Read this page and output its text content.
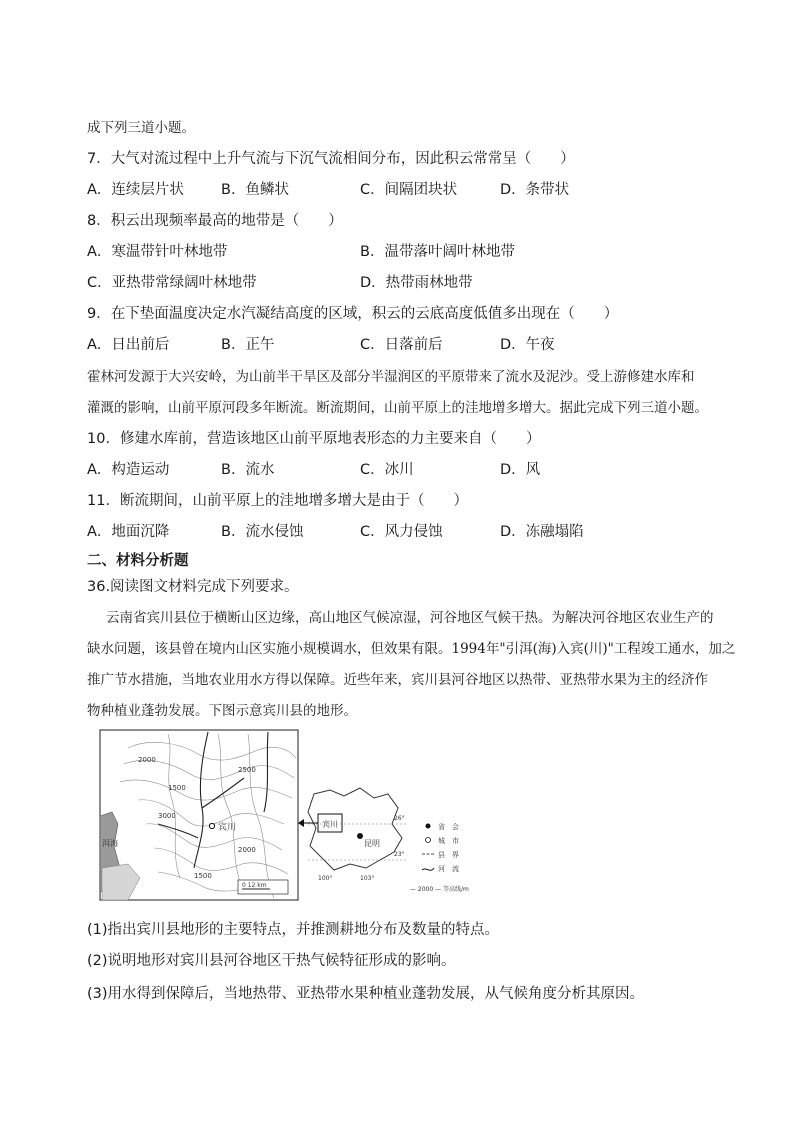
成下列三道小题。
7．大气对流过程中上升气流与下沉气流相间分布，因此积云常常呈（　　）
A．连续层片状	B．鱼鳞状	C．间隔团块状	D．条带状
8．积云出现频率最高的地带是（　　）
A．寒温带针叶林地带	B．温带落叶阔叶林地带
C．亚热带常绿阔叶林地带	D．热带雨林地带
9．在下垫面温度决定水汽凝结高度的区域，积云的云底高度低值多出现在（　　）
A．日出前后	B．正午	C．日落前后	D．午夜
霍林河发源于大兴安岭，为山前半干旱区及部分半湿润区的平原带来了流水及泥沙。受上游修建水库和
灌溉的影响，山前平原河段多年断流。断流期间，山前平原上的洼地增多增大。据此完成下列三道小题。
10．修建水库前，营造该地区山前平原地表形态的力主要来自（　　）
A．构造运动	B．流水	C．冰川	D．风
11．断流期间，山前平原上的洼地增多增大是由于（　　）
A．地面沉降	B．流水侵蚀	C．风力侵蚀	D．冻融塌陷
二、材料分析题
36.阅读图文材料完成下列要求。
云南省宾川县位于横断山区边缘，高山地区气候凉湿，河谷地区气候干热。为解决河谷地区农业生产的
缺水问题，该县曾在境内山区实施小规模调水，但效果有限。1994年"引洱(海)入宾(川)"工程竣工通水，加之
推广节水措施，当地农业用水方得以保障。近些年来，宾川县河谷地区以热带、亚热带水果为主的经济作
物种植业蓬勃发展。下图示意宾川县的地形。
宾川
洱海
2000
1500
2500
3000
2000
1500
0 12 km
宾川
昆明
26°
23°
100°	103°
省　会
城　市
县　界
河　流
— 2000 — 等高线/m
(1)指出宾川县地形的主要特点，并推测耕地分布及数量的特点。
(2)说明地形对宾川县河谷地区干热气候特征形成的影响。
(3)用水得到保障后，当地热带、亚热带水果种植业蓬勃发展，从气候角度分析其原因。
